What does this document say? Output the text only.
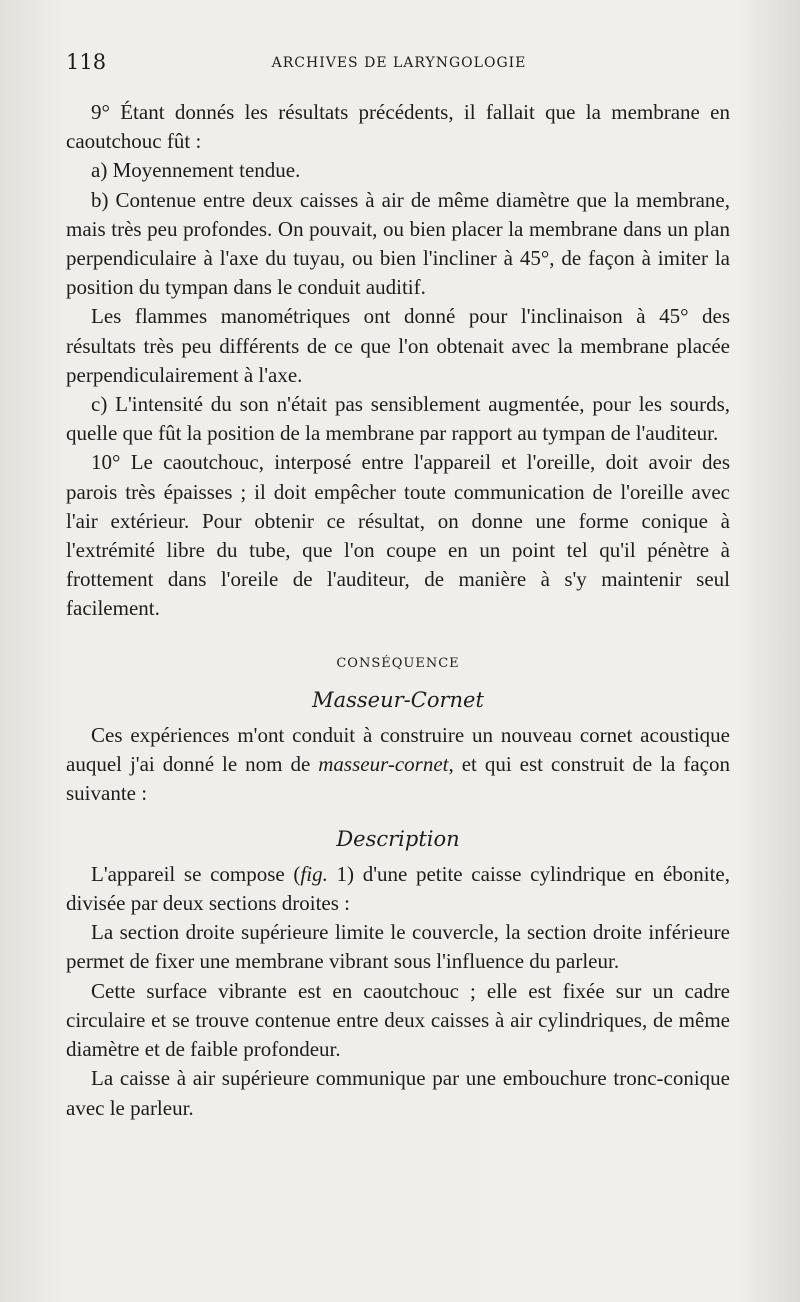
118	ARCHIVES DE LARYNGOLOGIE

9° Étant donnés les résultats précédents, il fallait que la membrane en caoutchouc fût :

a) Moyennement tendue.

b) Contenue entre deux caisses à air de même diamètre que la membrane, mais très peu profondes. On pouvait, ou bien placer la membrane dans un plan perpendiculaire à l'axe du tuyau, ou bien l'incliner à 45°, de façon à imiter la position du tympan dans le conduit auditif.

Les flammes manométriques ont donné pour l'inclinaison à 45° des résultats très peu différents de ce que l'on obtenait avec la membrane placée perpendiculairement à l'axe.

c) L'intensité du son n'était pas sensiblement augmentée, pour les sourds, quelle que fût la position de la membrane par rapport au tympan de l'auditeur.

10° Le caoutchouc, interposé entre l'appareil et l'oreille, doit avoir des parois très épaisses ; il doit empêcher toute communication de l'oreille avec l'air extérieur. Pour obtenir ce résultat, on donne une forme conique à l'extrémité libre du tube, que l'on coupe en un point tel qu'il pénètre à frottement dans l'oreile de l'auditeur, de manière à s'y maintenir seul facilement.

CONSÉQUENCE
Masseur-Cornet

Ces expériences m'ont conduit à construire un nouveau cornet acoustique auquel j'ai donné le nom de masseur-cornet, et qui est construit de la façon suivante :

Description

L'appareil se compose (fig. 1) d'une petite caisse cylindrique en ébonite, divisée par deux sections droites :

La section droite supérieure limite le couvercle, la section droite inférieure permet de fixer une membrane vibrant sous l'influence du parleur.

Cette surface vibrante est en caoutchouc ; elle est fixée sur un cadre circulaire et se trouve contenue entre deux caisses à air cylindriques, de même diamètre et de faible profondeur.

La caisse à air supérieure communique par une embouchure tronc-conique avec le parleur.
